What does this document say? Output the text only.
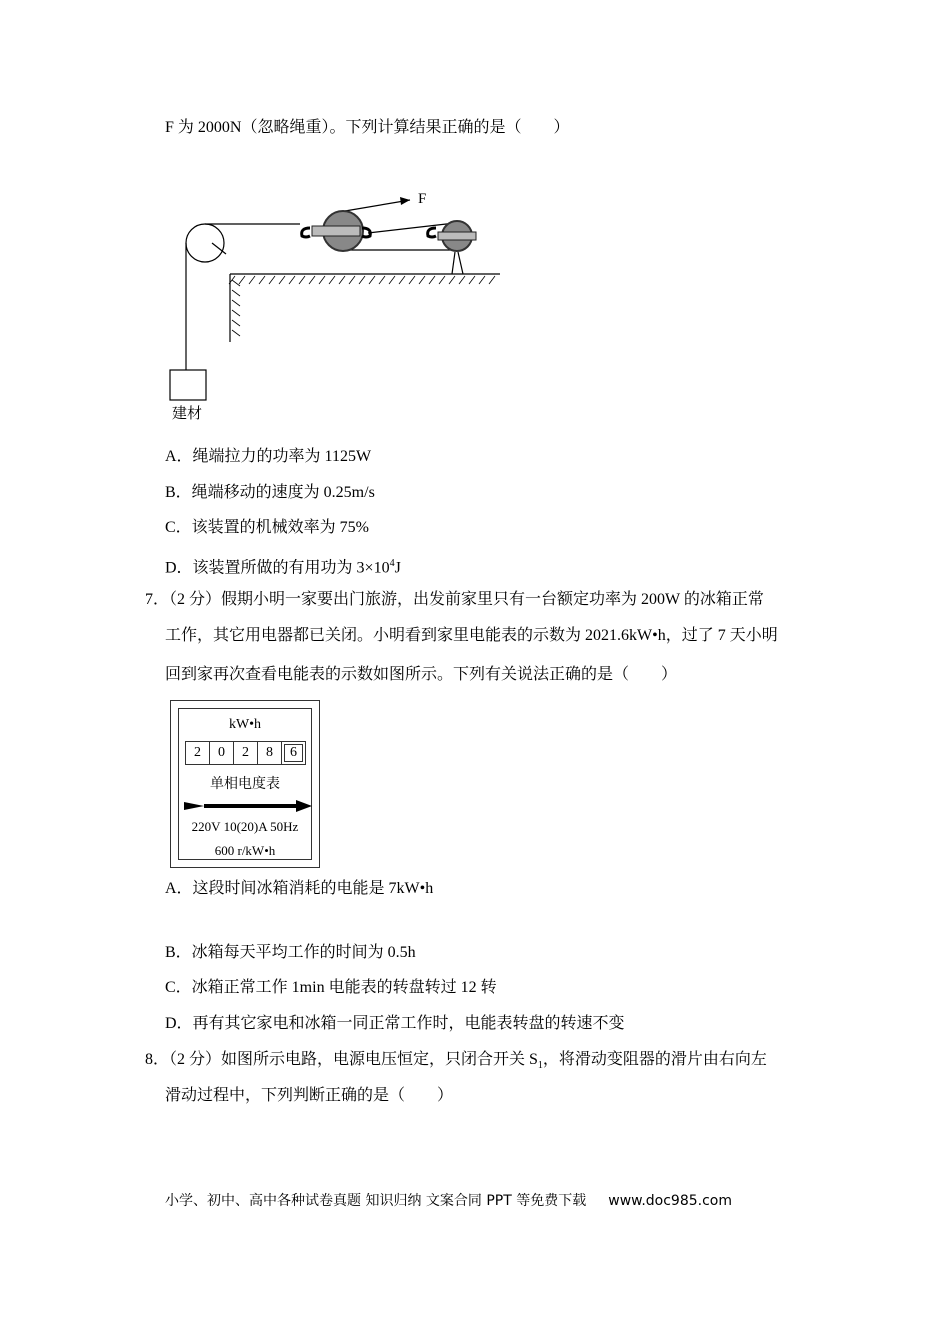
F 为 2000N（忽略绳重）。下列计算结果正确的是（　　）
F
建材
A．绳端拉力的功率为 1125W
B．绳端移动的速度为 0.25m/s
C．该装置的机械效率为 75%
D．该装置所做的有用功为 $3\times 10^4J$
7．（2 分）假期小明一家要出门旅游，出发前家里只有一台额定功率为 200W 的冰箱正常
工作，其它用电器都已关闭。小明看到家里电能表的示数为 2021.6kW•h，过了 7 天小明
回到家再次查看电能表的示数如图所示。下列有关说法正确的是（　　）
kW•h
2	0	2	8	6
单相电度表
220V 10(20)A 50Hz
600 r/kW•h
A．这段时间冰箱消耗的电能是 7kW•h
B．冰箱每天平均工作的时间为 0.5h
C．冰箱正常工作 1min 电能表的转盘转过 12 转
D．再有其它家电和冰箱一同正常工作时，电能表转盘的转速不变
8．（2 分）如图所示电路，电源电压恒定，只闭合开关 $S_1$，将滑动变阻器的滑片由右向左
滑动过程中，下列判断正确的是（　　）
小学、初中、高中各种试卷真题 知识归纳 文案合同 PPT 等免费下载 www.doc985.com
